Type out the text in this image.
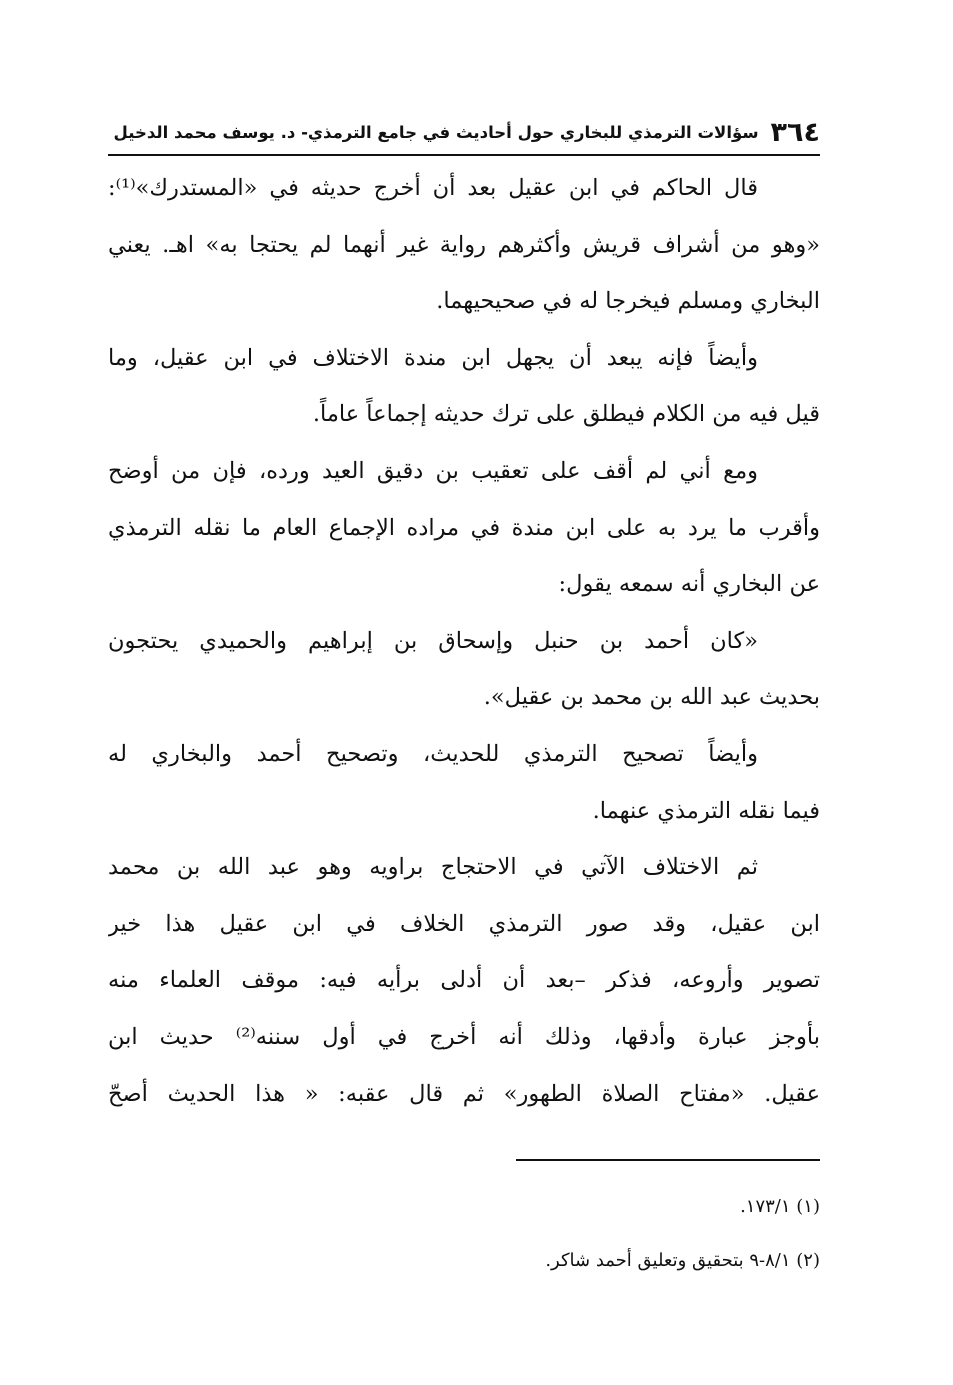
٣٦٤
سؤالات الترمذي للبخاري حول أحاديث في جامع الترمذي- د. يوسف محمد الدخيل
قال الحاكم في ابن عقيل بعد أن أخرج حديثه في «المستدرك»⁽¹⁾:
«وهو من أشراف قريش وأكثرهم رواية غير أنهما لم يحتجا به» اهـ. يعني
البخاري ومسلم فيخرجا له في صحيحيهما.
وأيضاً فإنه يبعد أن يجهل ابن مندة الاختلاف في ابن عقيل، وما
قيل فيه من الكلام فيطلق على ترك حديثه إجماعاً عاماً.
ومع أني لم أقف على تعقيب بن دقيق العيد ورده، فإن من أوضح
وأقرب ما يرد به على ابن مندة في مراده الإجماع العام ما نقله الترمذي
عن البخاري أنه سمعه يقول:
«كان أحمد بن حنبل وإسحاق بن إبراهيم والحميدي يحتجون
بحديث عبد الله بن محمد بن عقيل».
وأيضاً تصحيح الترمذي للحديث، وتصحيح أحمد والبخاري له
فيما نقله الترمذي عنهما.
ثم الاختلاف الآتي في الاحتجاج براويه وهو عبد الله بن محمد
ابن عقيل، وقد صور الترمذي الخلاف في ابن عقيل هذا خير
تصوير وأروعه، فذكر –بعد أن أدلى برأيه فيه: موقف العلماء منه
بأوجز عبارة وأدقها، وذلك أنه أخرج في أول سننه⁽²⁾ حديث ابن
عقيل. «مفتاح الصلاة الطهور» ثم قال عقبه: « هذا الحديث أصحّ
(١) ١٧٣/١.
(٢) ٨/١-٩ بتحقيق وتعليق أحمد شاكر.
